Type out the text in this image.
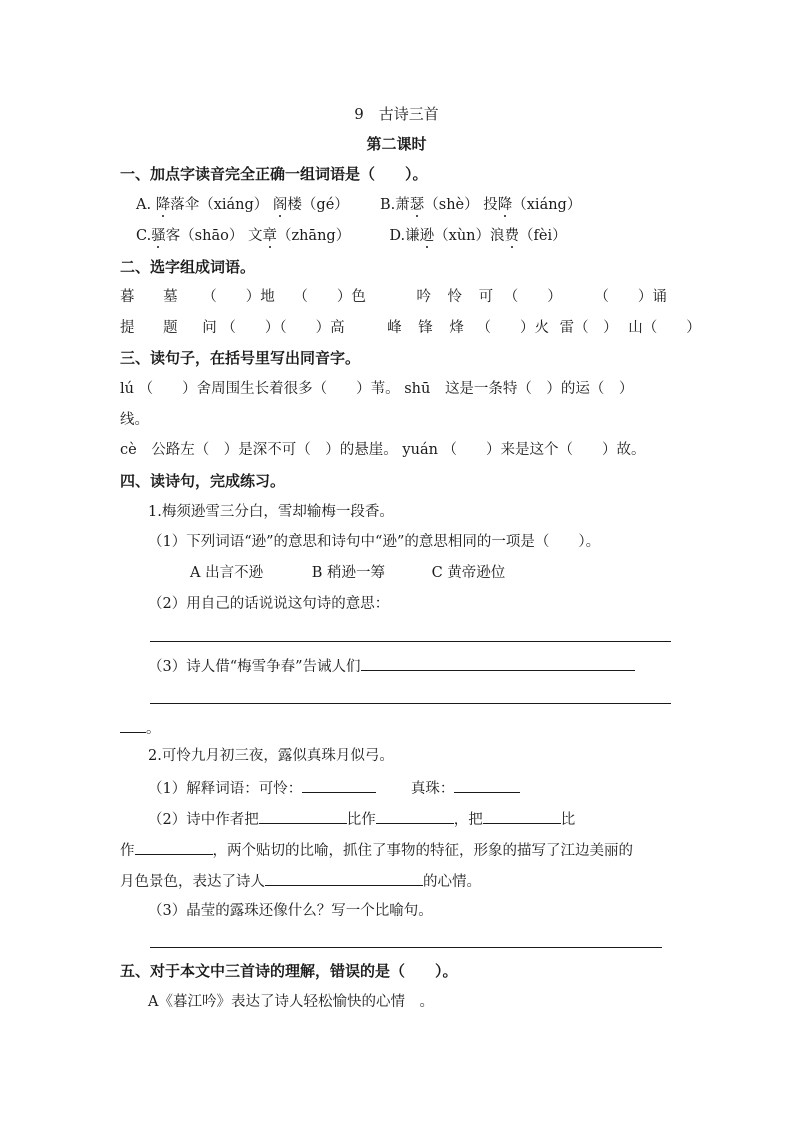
9　古诗三首
第二课时
一、加点字读音完全正确一组词语是（　　）。
A. 降落伞（xiáng） 阁楼（gé） B.萧瑟（shè） 投降（xiáng）
C.骚客（shāo） 文章（zhāng）	D.谦逊（xùn）浪费（fèi）
二、选字组成词语。
暮 墓 （　　）地 （　　）色	吟 怜 可 （　　） （　　）诵
提 题 问 （　　）（　　）高	峰 锋 烽 （　　）火 雷（　） 山（　　）
三、读句子，在括号里写出同音字。
lú （　　）舍周围生长着很多（　　）苇。 shū 这是一条特（　）的运（　）
线。
cè 公路左（　）是深不可（　）的悬崖。 yuán （　　）来是这个（　　）故。
四、读诗句，完成练习。
1.梅须逊雪三分白，雪却输梅一段香。
（1）下列词语“逊”的意思和诗句中“逊”的意思相同的一项是（　　）。
A 出言不逊	B 稍逊一筹	C 黄帝逊位
（2）用自己的话说说这句诗的意思：
（3）诗人借“梅雪争春”告诫人们
。
2.可怜九月初三夜，露似真珠月似弓。
（1）解释词语：可怜：	真珠：
（2）诗中作者把	比作	，把	比
作	，两个贴切的比喻，抓住了事物的特征，形象的描写了江边美丽的
月色景色，表达了诗人	的心情。
（3）晶莹的露珠还像什么？写一个比喻句。
五、对于本文中三首诗的理解，错误的是（　　）。
A《暮江吟》表达了诗人轻松愉快的心情　。
